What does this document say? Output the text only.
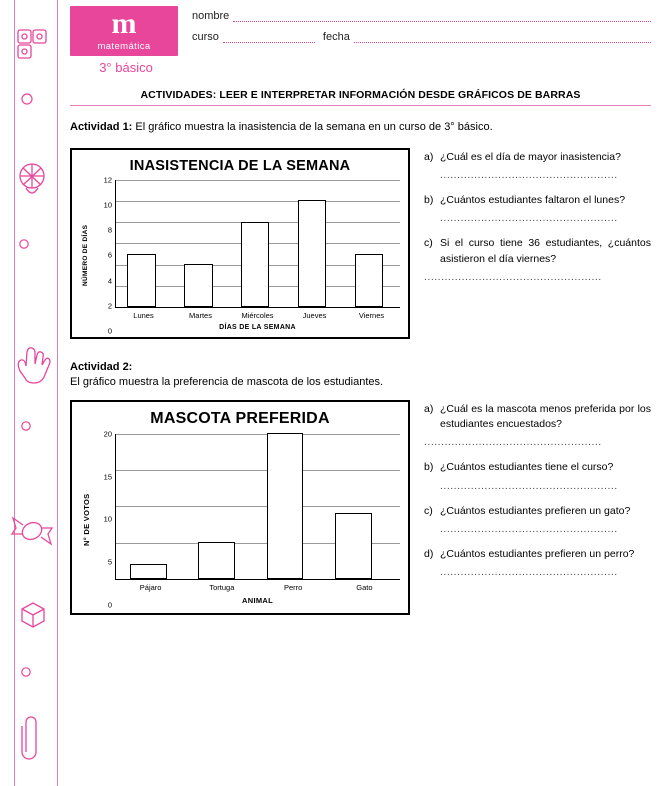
m
matemática
3° básico
nombre
curso	fecha
ACTIVIDADES: LEER E INTERPRETAR INFORMACIÓN DESDE GRÁFICOS DE BARRAS
Actividad 1: El gráfico muestra la inasistencia de la semana en un curso de 3° básico.
INASISTENCIA DE LA SEMANA
NÚMERO DE DÍAS
0
2
4
6
8
10
12
Lunes	Martes	Miércoles	Jueves	Viernes
DÍAS DE LA SEMANA
a) ¿Cuál es el día de mayor inasistencia?
....................................................
b) ¿Cuántos estudiantes faltaron el lunes?
....................................................
c) Si el curso tiene 36 estudiantes, ¿cuántos asistieron el día viernes?
....................................................
Actividad 2:
El gráfico muestra la preferencia de mascota de los estudiantes.
MASCOTA PREFERIDA
N° DE VOTOS
0
5
10
15
20
Pájaro	Tortuga	Perro	Gato
ANIMAL
a) ¿Cuál es la mascota menos preferida por los estudiantes encuestados?
....................................................
b) ¿Cuántos estudiantes tiene el curso?
....................................................
c) ¿Cuántos estudiantes prefieren un gato?
....................................................
d) ¿Cuántos estudiantes prefieren un perro?
....................................................
